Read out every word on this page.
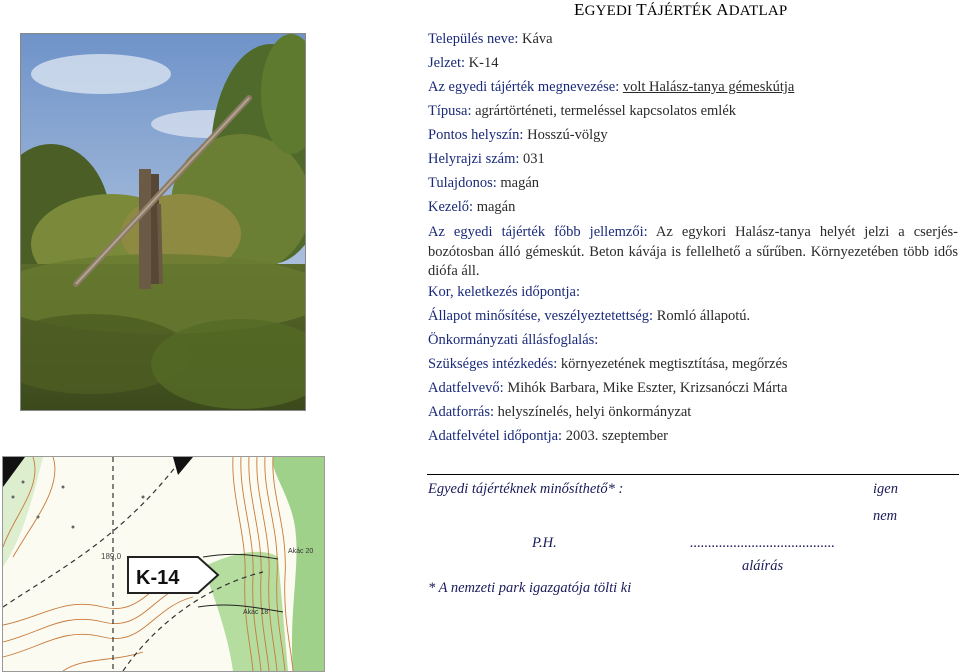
EGYEDI TÁJÉRTÉK ADATLAP
189,0
Akác 20
Akác 18
K-14
Település neve: Káva
Jelzet: K-14
Az egyedi tájérték megnevezése: volt Halász-tanya gémeskútja
Típusa: agrártörténeti, termeléssel kapcsolatos emlék
Pontos helyszín: Hosszú-völgy
Helyrajzi szám: 031
Tulajdonos: magán
Kezelő: magán
Az egyedi tájérték főbb jellemzői: Az egykori Halász-tanya helyét jelzi a cserjés-bozótosban álló gémeskút. Beton kávája is fellelhető a sűrűben. Környezetében több idős diófa áll.
Kor, keletkezés időpontja:
Állapot minősítése, veszélyeztetettség: Romló állapotú.
Önkormányzati állásfoglalás:
Szükséges intézkedés: környezetének megtisztítása, megőrzés
Adatfelvevő: Mihók Barbara, Mike Eszter, Krizsanóczi Márta
Adatforrás: helyszínelés, helyi önkormányzat
Adatfelvétel időpontja: 2003. szeptember
Egyedi tájértéknek minősíthető* :	igen
nem
P.H.	........................................
aláírás
* A nemzeti park igazgatója tölti ki
